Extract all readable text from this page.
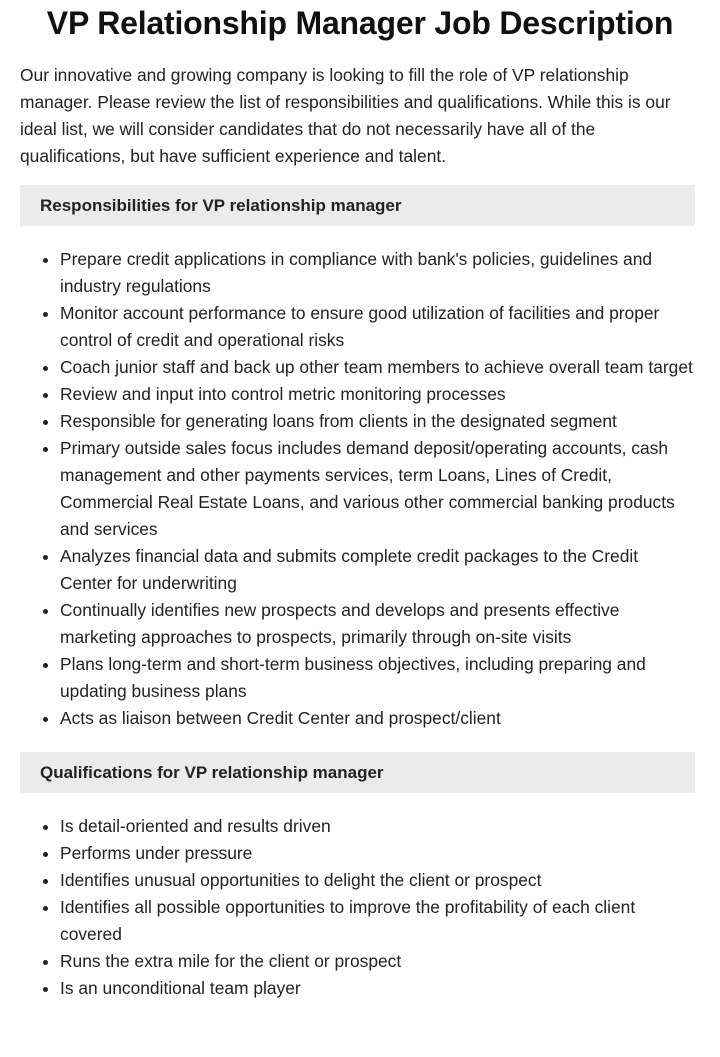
VP Relationship Manager Job Description

Our innovative and growing company is looking to fill the role of VP relationship manager. Please review the list of responsibilities and qualifications. While this is our ideal list, we will consider candidates that do not necessarily have all of the qualifications, but have sufficient experience and talent.

Responsibilities for VP relationship manager
• Prepare credit applications in compliance with bank's policies, guidelines and industry regulations
• Monitor account performance to ensure good utilization of facilities and proper control of credit and operational risks
• Coach junior staff and back up other team members to achieve overall team target
• Review and input into control metric monitoring processes
• Responsible for generating loans from clients in the designated segment
• Primary outside sales focus includes demand deposit/operating accounts, cash management and other payments services, term Loans, Lines of Credit, Commercial Real Estate Loans, and various other commercial banking products and services
• Analyzes financial data and submits complete credit packages to the Credit Center for underwriting
• Continually identifies new prospects and develops and presents effective marketing approaches to prospects, primarily through on-site visits
• Plans long-term and short-term business objectives, including preparing and updating business plans
• Acts as liaison between Credit Center and prospect/client
Qualifications for VP relationship manager
• Is detail-oriented and results driven
• Performs under pressure
• Identifies unusual opportunities to delight the client or prospect
• Identifies all possible opportunities to improve the profitability of each client covered
• Runs the extra mile for the client or prospect
• Is an unconditional team player
